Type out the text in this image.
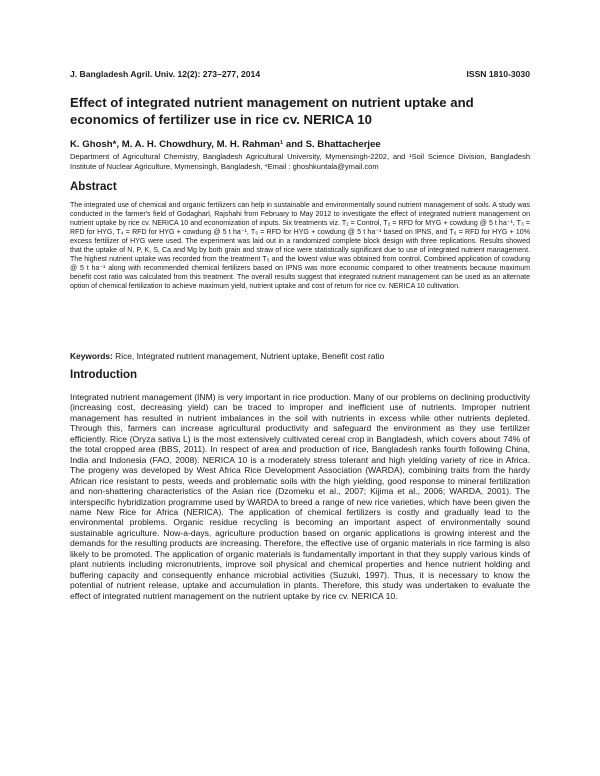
J. Bangladesh Agril. Univ. 12(2): 273–277, 2014	ISSN 1810-3030
Effect of integrated nutrient management on nutrient uptake and economics of fertilizer use in rice cv. NERICA 10
K. Ghosh*, M. A. H. Chowdhury, M. H. Rahman¹ and S. Bhattacherjee
Department of Agricultural Chemistry, Bangladesh Agricultural University, Mymensingh-2202, and ¹Soil Science Division, Bangladesh Institute of Nuclear Agriculture, Mymensingh, Bangladesh, *Email : ghoshkuntala@ymail.com
Abstract

The integrated use of chemical and organic fertilizers can help in sustainable and environmentally sound nutrient management of soils. A study was conducted in the farmer's field of Godagharl, Rajshahi from February to May 2012 to investigate the effect of integrated nutrient management on nutrient uptake by rice cv. NERICA 10 and economization of inputs. Six treatments viz. T₁ = Control, T₂ = RFD for MYG + cowdung @ 5 t ha⁻¹, T₃ = RFD for HYG, T₄ = RFD for HYG + cowdung @ 5 t ha⁻¹, T₅ = RFD for HYG + cowdung @ 5 t ha⁻¹ based on IPNS, and T₆ = RFD for HYG + 10% excess fertilizer of HYG were used. The experiment was laid out in a randomized complete block design with three replications. Results showed that the uptake of N, P, K, S, Ca and Mg by both grain and straw of rice were statistically significant due to use of integrated nutrient management. The highest nutrient uptake was recorded from the treatment T₅ and the lowest value was obtained from control. Combined application of cowdung @ 5 t ha⁻¹ along with recommended chemical fertilizers based on IPNS was more economic compared to other treatments because maximum benefit cost ratio was calculated from this treatment. The overall results suggest that integrated nutrient management can be used as an alternate option of chemical fertilization to achieve maximum yield, nutrient uptake and cost of return for rice cv. NERICA 10 cultivation.

Keywords: Rice, Integrated nutrient management, Nutrient uptake, Benefit cost ratio
Introduction

Integrated nutrient management (INM) is very important in rice production. Many of our problems on declining productivity (increasing cost, decreasing yield) can be traced to improper and inefficient use of nutrients. Improper nutrient management has resulted in nutrient imbalances in the soil with nutrients in excess while other nutrients depleted. Through this, farmers can increase agricultural productivity and safeguard the environment as they use fertilizer efficiently. Rice (Oryza sativa L) is the most extensively cultivated cereal crop in Bangladesh, which covers about 74% of the total cropped area (BBS, 2011). In respect of area and production of rice, Bangladesh ranks fourth following China, India and Indonesia (FAO, 2008). NERICA 10 is a moderately stress tolerant and high yielding variety of rice in Africa. The progeny was developed by West Africa Rice Development Association (WARDA), combining traits from the hardy African rice resistant to pests, weeds and problematic soils with the high yielding, good response to mineral fertilization and non-shattering characteristics of the Asian rice (Dzomeku et al., 2007; Kijima et al., 2006; WARDA, 2001). The interspecific hybridization programme used by WARDA to breed a range of new rice varieties, which have been given the name New Rice for Africa (NERICA). The application of chemical fertilizers is costly and gradually lead to the environmental problems. Organic residue recycling is becoming an important aspect of environmentally sound sustainable agriculture. Now-a-days, agriculture production based on organic applications is growing interest and the demands for the resulting products are increasing. Therefore, the effective use of organic materials in rice farming is also likely to be promoted. The application of organic materials is fundamentally important in that they supply various kinds of plant nutrients including micronutrients, improve soil physical and chemical properties and hence nutrient holding and buffering capacity and consequently enhance microbial activities (Suzuki, 1997). Thus, it is necessary to know the potential of nutrient release, uptake and accumulation in plants. Therefore, this study was undertaken to evaluate the effect of integrated nutrient management on the nutrient uptake by rice cv. NERICA 10.
